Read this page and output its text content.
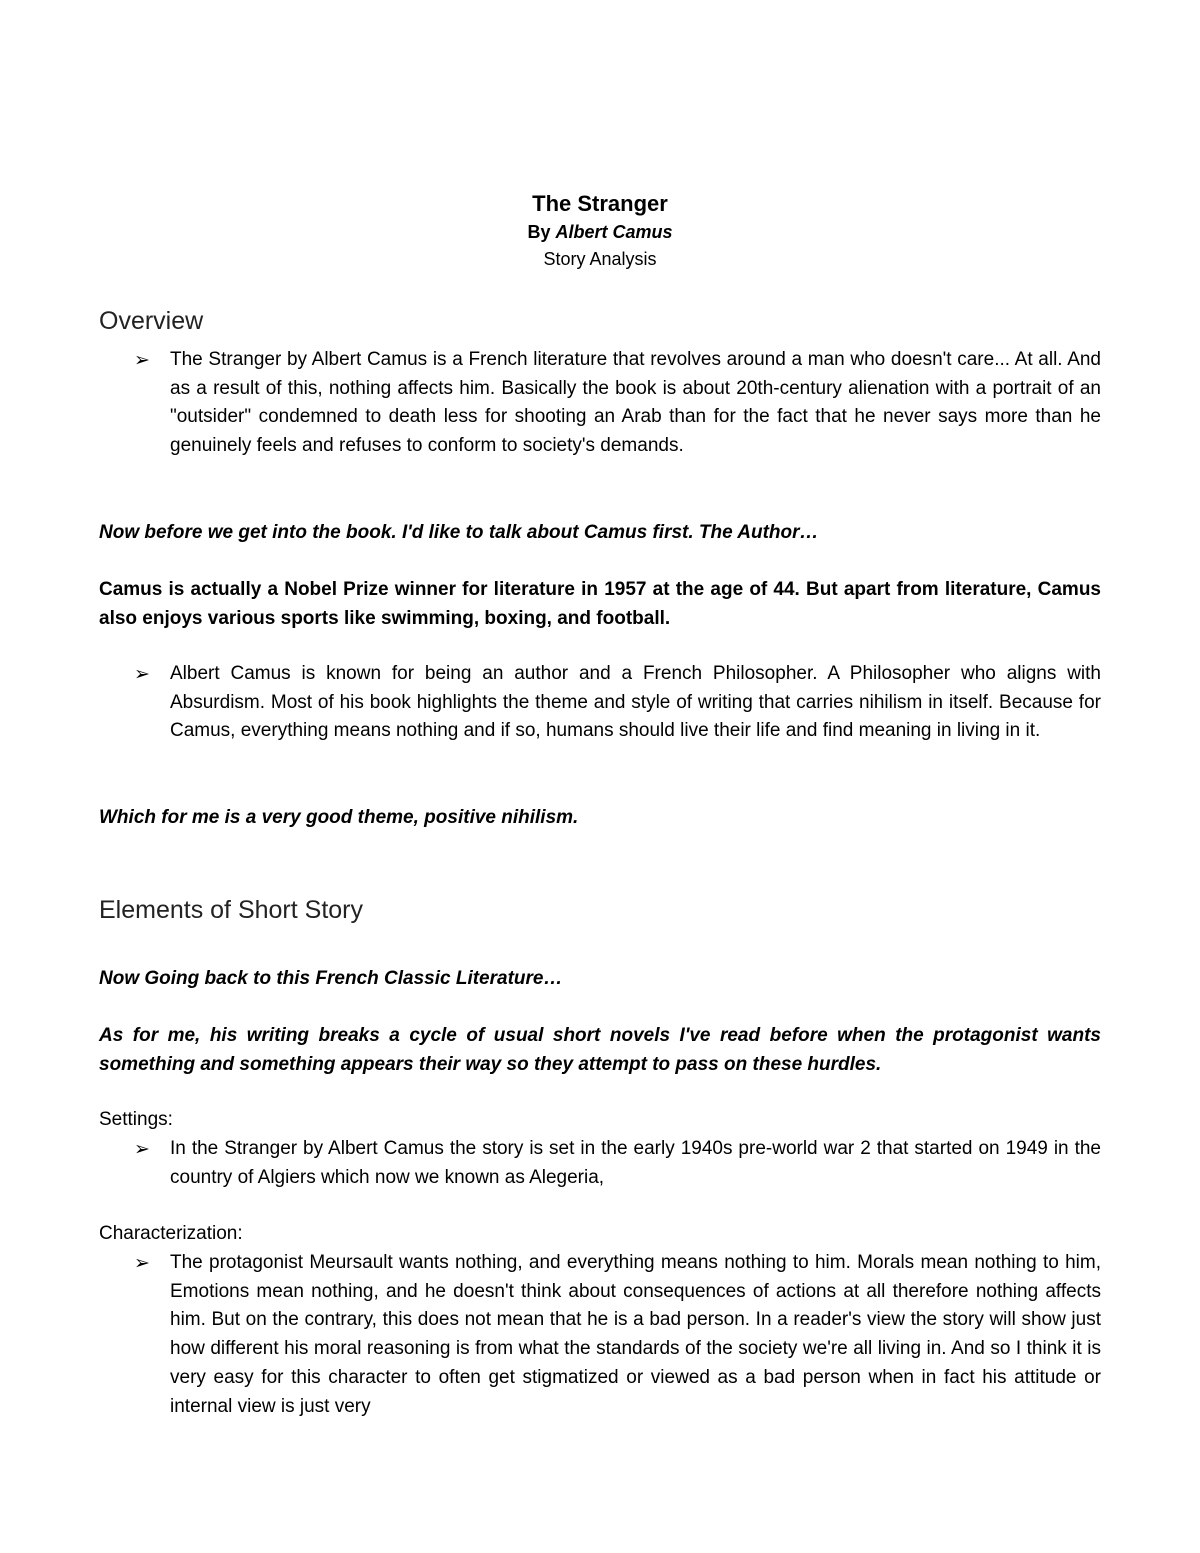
The Stranger
By Albert Camus
Story Analysis
Overview
➢ The Stranger by Albert Camus is a French literature that revolves around a man who doesn't care... At all. And as a result of this, nothing affects him. Basically the book is about 20th-century alienation with a portrait of an "outsider" condemned to death less for shooting an Arab than for the fact that he never says more than he genuinely feels and refuses to conform to society's demands.
Now before we get into the book. I'd like to talk about Camus first. The Author…
Camus is actually a Nobel Prize winner for literature in 1957 at the age of 44. But apart from literature, Camus also enjoys various sports like swimming, boxing, and football.
➢ Albert Camus is known for being an author and a French Philosopher. A Philosopher who aligns with Absurdism. Most of his book highlights the theme and style of writing that carries nihilism in itself. Because for Camus, everything means nothing and if so, humans should live their life and find meaning in living in it.
Which for me is a very good theme, positive nihilism.
Elements of Short Story
Now Going back to this French Classic Literature…
As for me, his writing breaks a cycle of usual short novels I've read before when the protagonist wants something and something appears their way so they attempt to pass on these hurdles.
Settings:
➢ In the Stranger by Albert Camus the story is set in the early 1940s pre-world war 2 that started on 1949 in the country of Algiers which now we known as Alegeria,
Characterization:
➢ The protagonist Meursault wants nothing, and everything means nothing to him. Morals mean nothing to him, Emotions mean nothing, and he doesn't think about consequences of actions at all therefore nothing affects him. But on the contrary, this does not mean that he is a bad person. In a reader's view the story will show just how different his moral reasoning is from what the standards of the society we're all living in. And so I think it is very easy for this character to often get stigmatized or viewed as a bad person when in fact his attitude or internal view is just very
